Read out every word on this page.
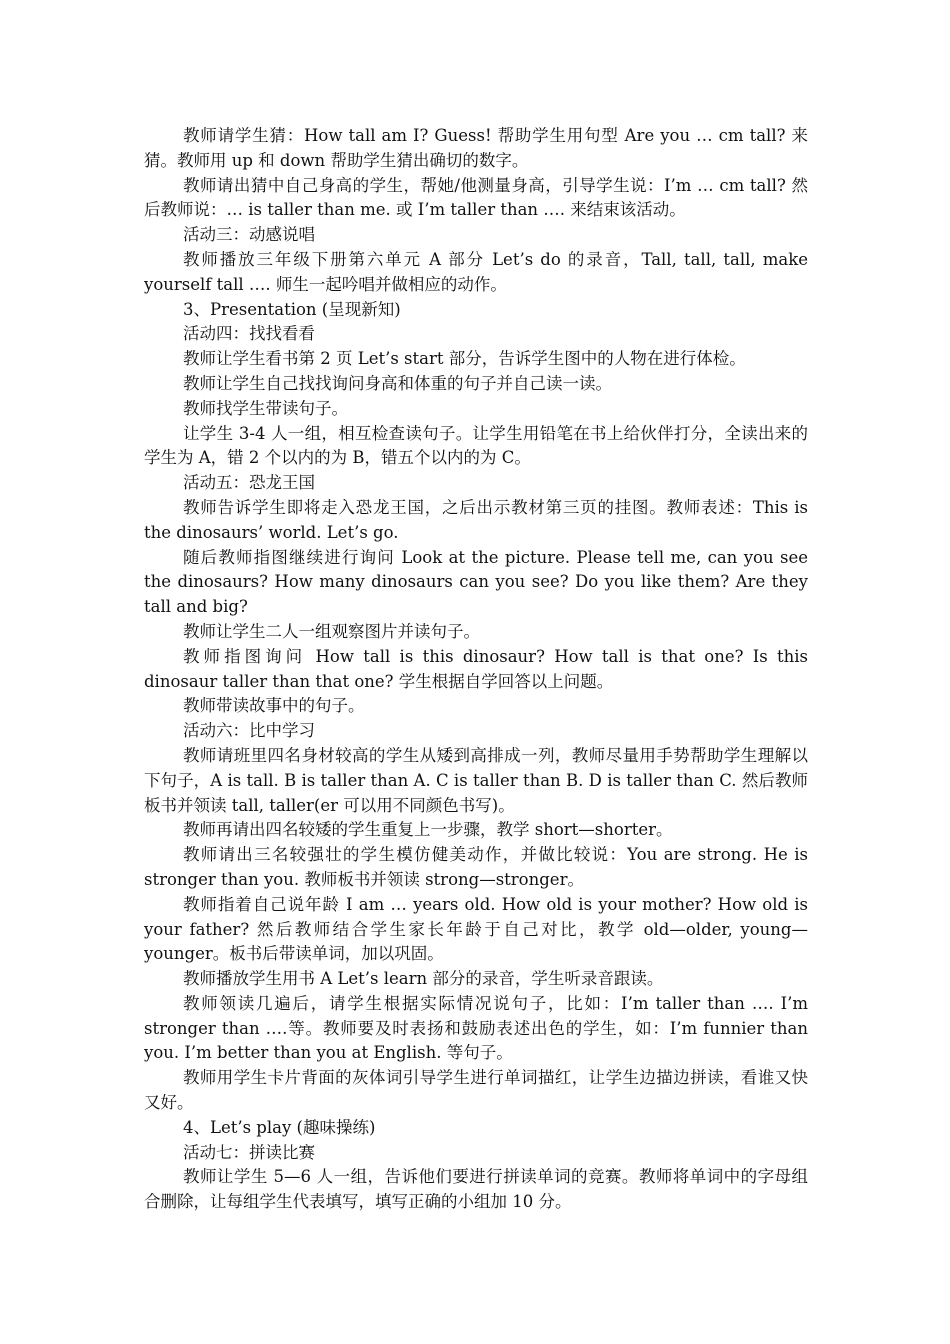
教师请学生猜：How tall am I? Guess! 帮助学生用句型 Are you … cm tall? 来猜。教师用 up 和 down 帮助学生猜出确切的数字。

教师请出猜中自己身高的学生，帮她/他测量身高，引导学生说：I’m … cm tall? 然后教师说：… is taller than me. 或 I’m taller than …. 来结束该活动。

活动三：动感说唱

教师播放三年级下册第六单元 A 部分 Let’s do 的录音，Tall, tall, tall, make yourself tall …. 师生一起吟唱并做相应的动作。

3、Presentation (呈现新知)

活动四：找找看看

教师让学生看书第 2 页 Let’s start 部分，告诉学生图中的人物在进行体检。

教师让学生自己找找询问身高和体重的句子并自己读一读。

教师找学生带读句子。

让学生 3-4 人一组，相互检查读句子。让学生用铅笔在书上给伙伴打分，全读出来的学生为 A，错 2 个以内的为 B，错五个以内的为 C。

活动五：恐龙王国

教师告诉学生即将走入恐龙王国，之后出示教材第三页的挂图。教师表述：This is the dinosaurs’ world. Let’s go.

随后教师指图继续进行询问 Look at the picture. Please tell me, can you see the dinosaurs? How many dinosaurs can you see? Do you like them? Are they tall and big?

教师让学生二人一组观察图片并读句子。

教师指图询问 How tall is this dinosaur? How tall is that one? Is this dinosaur taller than that one? 学生根据自学回答以上问题。

教师带读故事中的句子。

活动六：比中学习

教师请班里四名身材较高的学生从矮到高排成一列，教师尽量用手势帮助学生理解以下句子，A is tall. B is taller than A. C is taller than B. D is taller than C. 然后教师板书并领读 tall, taller(er 可以用不同颜色书写)。

教师再请出四名较矮的学生重复上一步骤，教学 short—shorter。

教师请出三名较强壮的学生模仿健美动作，并做比较说：You are strong. He is stronger than you. 教师板书并领读 strong—stronger。

教师指着自己说年龄 I am … years old. How old is your mother? How old is your father? 然后教师结合学生家长年龄于自己对比，教学 old—older, young—younger。板书后带读单词，加以巩固。

教师播放学生用书 A Let’s learn 部分的录音，学生听录音跟读。

教师领读几遍后，请学生根据实际情况说句子，比如：I’m taller than …. I’m stronger than ….等。教师要及时表扬和鼓励表述出色的学生，如：I’m funnier than you. I’m better than you at English. 等句子。

教师用学生卡片背面的灰体词引导学生进行单词描红，让学生边描边拼读，看谁又快又好。

4、Let’s play (趣味操练)

活动七：拼读比赛

教师让学生 5—6 人一组，告诉他们要进行拼读单词的竞赛。教师将单词中的字母组合删除，让每组学生代表填写，填写正确的小组加 10 分。
